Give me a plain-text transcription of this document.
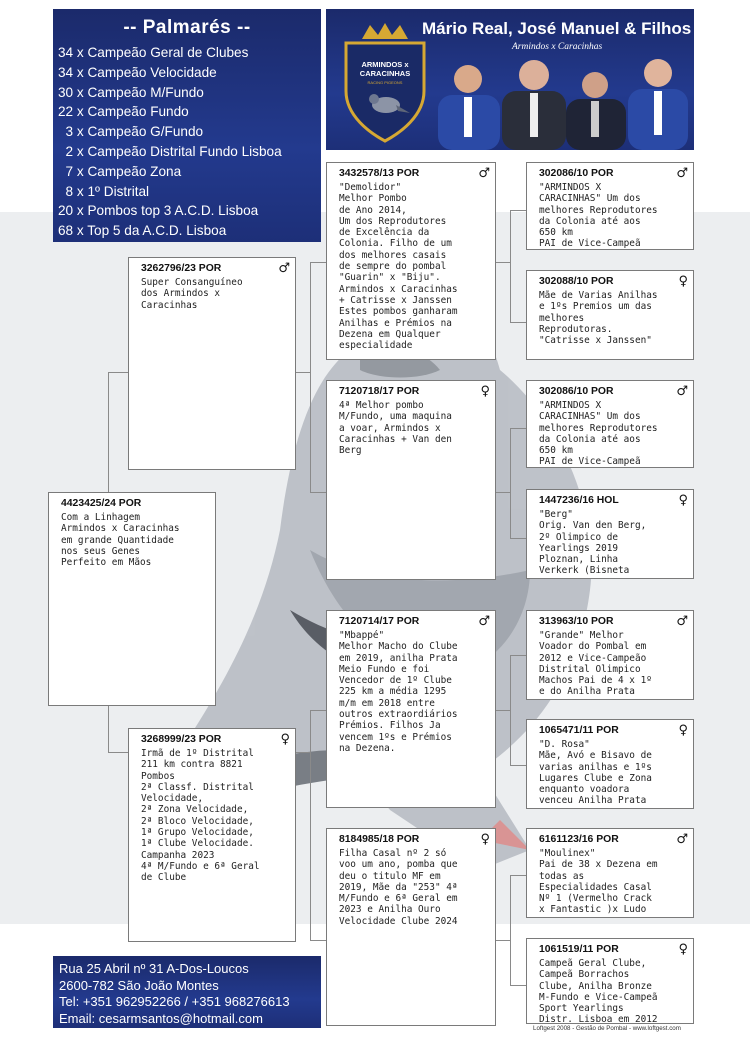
-- Palmarés --
34 x Campeão Geral de Clubes
34 x Campeão Velocidade
30 x Campeão M/Fundo
22 x Campeão Fundo
3 x Campeão G/Fundo
2 x Campeão Distrital Fundo Lisboa
7 x Campeão Zona
8 x 1º Distrital
20 x Pombos top 3 A.C.D. Lisboa
68 x Top 5 da A.C.D. Lisboa
Mário Real, José Manuel & Filhos
Armindos x Caracinhas
ARMINDOS x
CARACINHAS
RACING PIGEONS
4423425/24 POR
Com a Linhagem
Armindos x Caracinhas
em grande Quantidade
nos seus Genes
Perfeito em Mãos
♂
3262796/23 POR
Super Consanguíneo
dos Armindos x
Caracinhas
♀
3268999/23 POR
Irmã de 1º Distrital
211 km contra 8821
Pombos
2ª Classf. Distrital
Velocidade,
2ª Zona Velocidade,
2ª Bloco Velocidade,
1ª Grupo Velocidade,
1ª Clube Velocidade.
Campanha 2023
4ª M/Fundo e 6ª Geral
de Clube
♂
3432578/13 POR
"Demolidor"
Melhor Pombo
de Ano 2014,
Um dos Reprodutores
de Excelência da
Colonia. Filho de um
dos melhores casais
de sempre do pombal
"Guarin" x "Biju".
Armindos x Caracinhas
+ Catrisse x Janssen
Estes pombos ganharam
Anilhas e Prémios na
Dezena em Qualquer
especialidade
♀
7120718/17 POR
4ª Melhor pombo
M/Fundo, uma maquina
a voar, Armindos x
Caracinhas + Van den
Berg
♂
7120714/17 POR
"Mbappé"
Melhor Macho do Clube
em 2019, anilha Prata
Meio Fundo e foi
Vencedor de 1º Clube
225 km a média 1295
m/m em 2018 entre
outros extraordiários
Prémios. Filhos Ja
vencem 1ºs e Prémios
na Dezena.
♀
8184985/18 POR
Filha Casal nº 2 só
voo um ano, pomba que
deu o titulo MF em
2019, Mãe da "253" 4ª
M/Fundo e 6ª Geral em
2023 e Anilha Ouro
Velocidade Clube 2024
♂
302086/10 POR
"ARMINDOS X
CARACINHAS" Um dos
melhores Reprodutores
da Colonia até aos
650 km
PAI de Vice-Campeã
♀
302088/10 POR
Mãe de Varias Anilhas
e 1ºs Premios um das
melhores
Reprodutoras.
"Catrisse x Janssen"
♂
302086/10 POR
"ARMINDOS X
CARACINHAS" Um dos
melhores Reprodutores
da Colonia até aos
650 km
PAI de Vice-Campeã
♀
1447236/16 HOL
"Berg"
Orig. Van den Berg,
2º Olimpico de
Yearlings 2019
Ploznan, Linha
Verkerk (Bisneta
♂
313963/10 POR
"Grande" Melhor
Voador do Pombal em
2012 e Vice-Campeão
Distrital Olimpico
Machos Pai de 4 x 1º
e do Anilha Prata
♀
1065471/11 POR
"D. Rosa"
Mãe, Avó e Bisavo de
varias anilhas e 1ºs
Lugares Clube e Zona
enquanto voadora
venceu Anilha Prata
♂
6161123/16 POR
"Moulinex"
Pai de 38 x Dezena em
todas as
Especialidades Casal
Nº 1 (Vermelho Crack
x Fantastic )x Ludo
♀
1061519/11 POR
Campeã Geral Clube,
Campeã Borrachos
Clube, Anilha Bronze
M-Fundo e Vice-Campeã
Sport Yearlings
Distr. Lisboa em 2012
Rua 25 Abril nº 31 A-Dos-Loucos
2600-782 São João Montes
Tel: +351 962952266 / +351 968276613
Email: cesarmsantos@hotmail.com
Loftgest 2008 - Gestão de Pombal - www.loftgest.com
